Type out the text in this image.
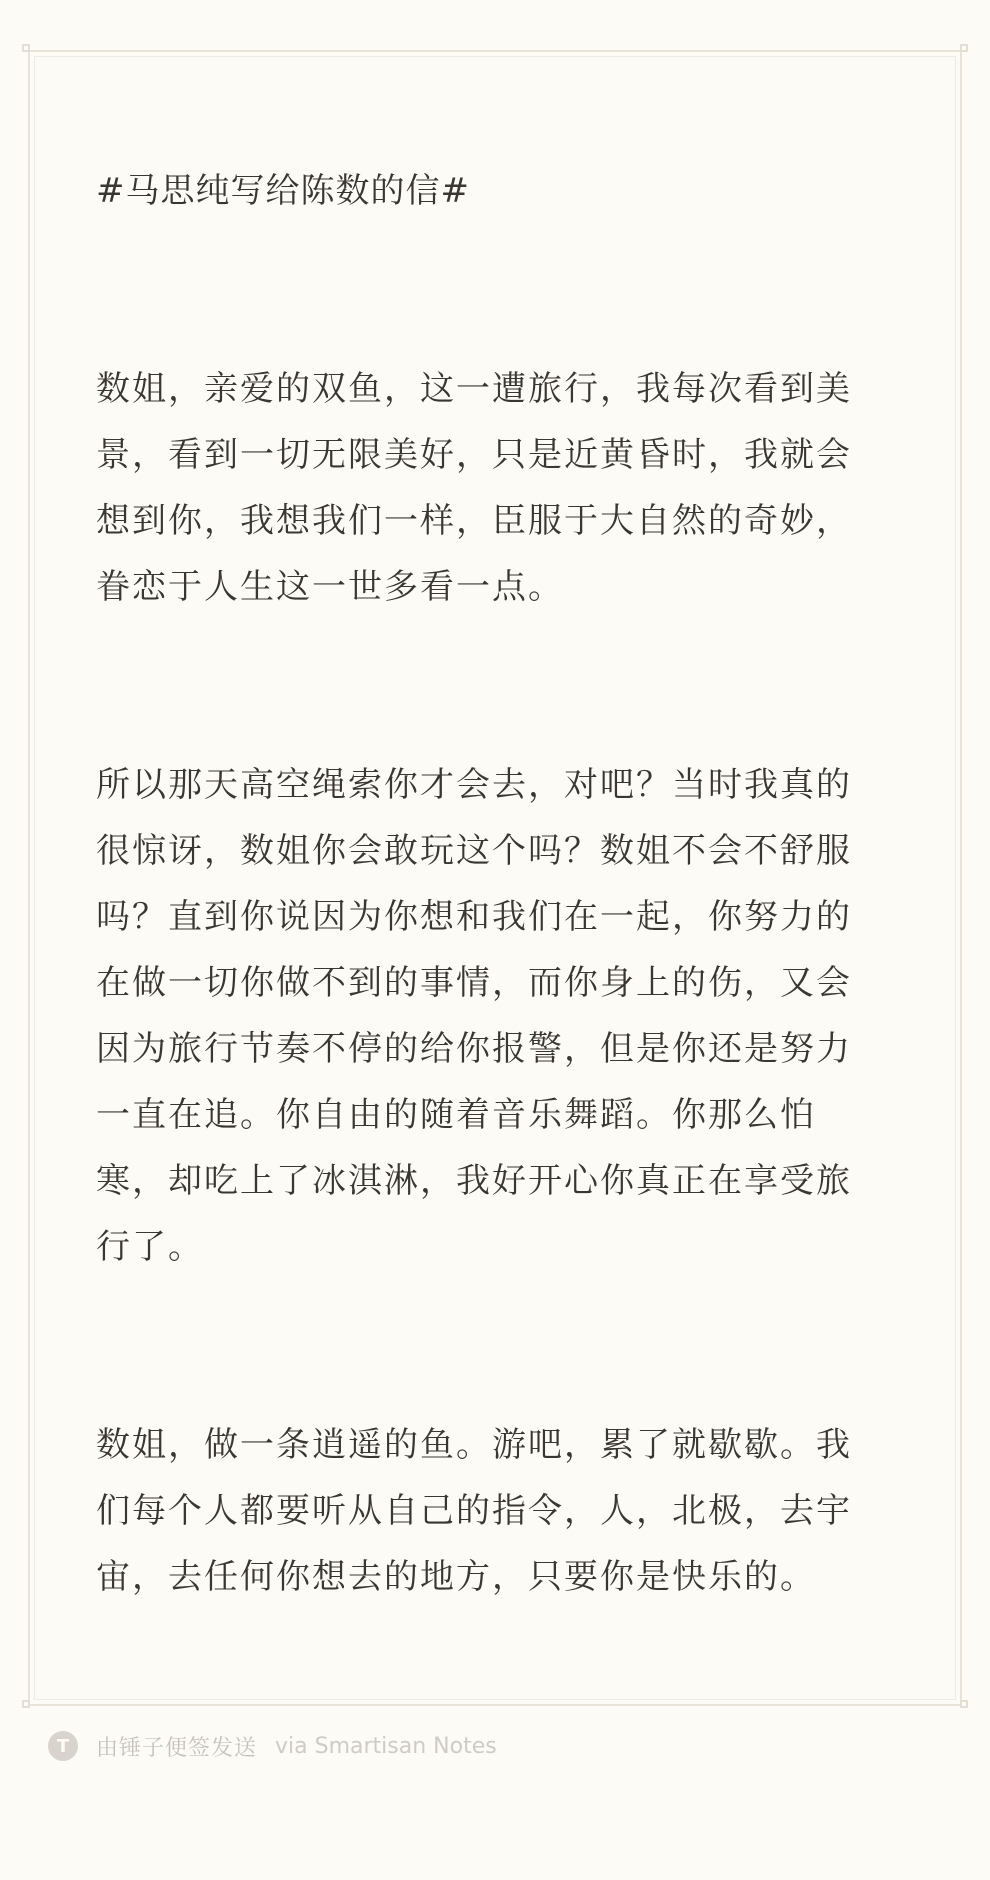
#马思纯写给陈数的信#

数姐，亲爱的双鱼，这一遭旅行，我每次看到美景，看到一切无限美好，只是近黄昏时，我就会想到你，我想我们一样，臣服于大自然的奇妙，眷恋于人生这一世多看一点。

所以那天高空绳索你才会去，对吧？当时我真的很惊讶，数姐你会敢玩这个吗？数姐不会不舒服吗？直到你说因为你想和我们在一起，你努力的在做一切你做不到的事情，而你身上的伤，又会因为旅行节奏不停的给你报警，但是你还是努力一直在追。你自由的随着音乐舞蹈。你那么怕寒，却吃上了冰淇淋，我好开心你真正在享受旅行了。

数姐，做一条逍遥的鱼。游吧，累了就歇歇。我们每个人都要听从自己的指令，人，北极，去宇宙，去任何你想去的地方，只要你是快乐的。

T	由锤子便签发送 via Smartisan Notes
